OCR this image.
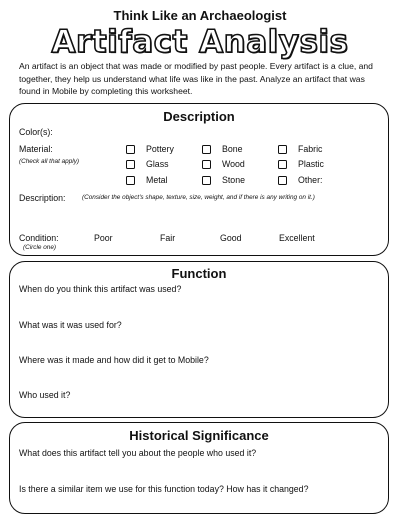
Think Like an Archaeologist
Artifact Analysis
An artifact is an object that was made or modified by past people. Every artifact is a clue, and together, they help us understand what life was like in the past. Analyze an artifact that was found in Mobile by completing this worksheet.
Description
Color(s):
Material:
(Check all that apply)
Pottery	Bone	Fabric
Glass	Wood	Plastic
Metal	Stone	Other:
Description:	(Consider the object's shape, texture, size, weight, and if there is any writing on it.)
Condition:
(Circle one)
Poor	Fair	Good	Excellent
Function
When do you think this artifact was used?
What was it was used for?
Where was it made and how did it get to Mobile?
Who used it?
Historical Significance
What does this artifact tell you about the people who used it?
Is there a similar item we use for this function today? How has it changed?
